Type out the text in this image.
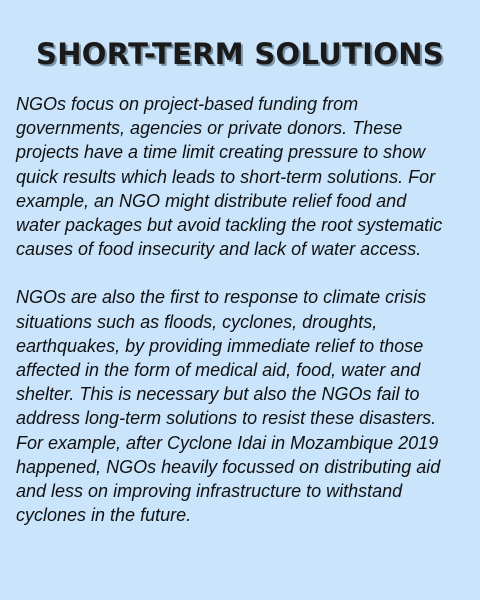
SHORT-TERM SOLUTIONS

NGOs focus on project-based funding from
governments, agencies or private donors. These
projects have a time limit creating pressure to show
quick results which leads to short-term solutions. For
example, an NGO might distribute relief food and
water packages but avoid tackling the root systematic
causes of food insecurity and lack of water access.

NGOs are also the first to response to climate crisis
situations such as floods, cyclones, droughts,
earthquakes, by providing immediate relief to those
affected in the form of medical aid, food, water and
shelter. This is necessary but also the NGOs fail to
address long-term solutions to resist these disasters.
For example, after Cyclone Idai in Mozambique 2019
happened, NGOs heavily focussed on distributing aid
and less on improving infrastructure to withstand
cyclones in the future.
